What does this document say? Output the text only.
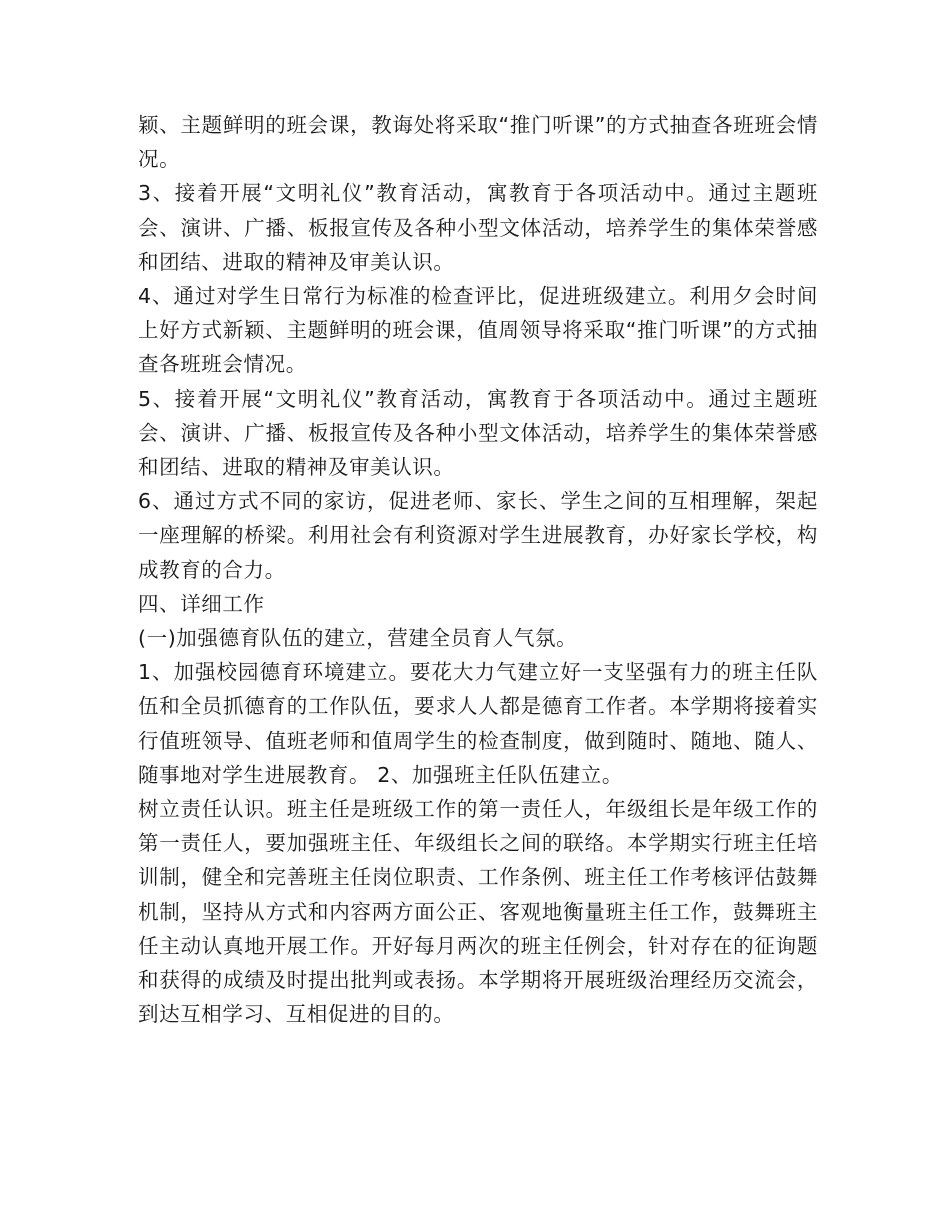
颖、主题鲜明的班会课，教诲处将采取“推门听课”的方式抽查各班班会情况。

3、接着开展“文明礼仪”教育活动，寓教育于各项活动中。通过主题班会、演讲、广播、板报宣传及各种小型文体活动，培养学生的集体荣誉感和团结、进取的精神及审美认识。

4、通过对学生日常行为标准的检查评比，促进班级建立。利用夕会时间上好方式新颖、主题鲜明的班会课，值周领导将采取“推门听课”的方式抽查各班班会情况。

5、接着开展“文明礼仪”教育活动，寓教育于各项活动中。通过主题班会、演讲、广播、板报宣传及各种小型文体活动，培养学生的集体荣誉感和团结、进取的精神及审美认识。

6、通过方式不同的家访，促进老师、家长、学生之间的互相理解，架起一座理解的桥梁。利用社会有利资源对学生进展教育，办好家长学校，构成教育的合力。

四、详细工作

(一)加强德育队伍的建立，营建全员育人气氛。

1、加强校园德育环境建立。要花大力气建立好一支坚强有力的班主任队伍和全员抓德育的工作队伍，要求人人都是德育工作者。本学期将接着实行值班领导、值班老师和值周学生的检查制度，做到随时、随地、随人、随事地对学生进展教育。 2、加强班主任队伍建立。

树立责任认识。班主任是班级工作的第一责任人，年级组长是年级工作的第一责任人，要加强班主任、年级组长之间的联络。本学期实行班主任培训制，健全和完善班主任岗位职责、工作条例、班主任工作考核评估鼓舞机制，坚持从方式和内容两方面公正、客观地衡量班主任工作，鼓舞班主任主动认真地开展工作。开好每月两次的班主任例会，针对存在的征询题和获得的成绩及时提出批判或表扬。本学期将开展班级治理经历交流会，到达互相学习、互相促进的目的。
